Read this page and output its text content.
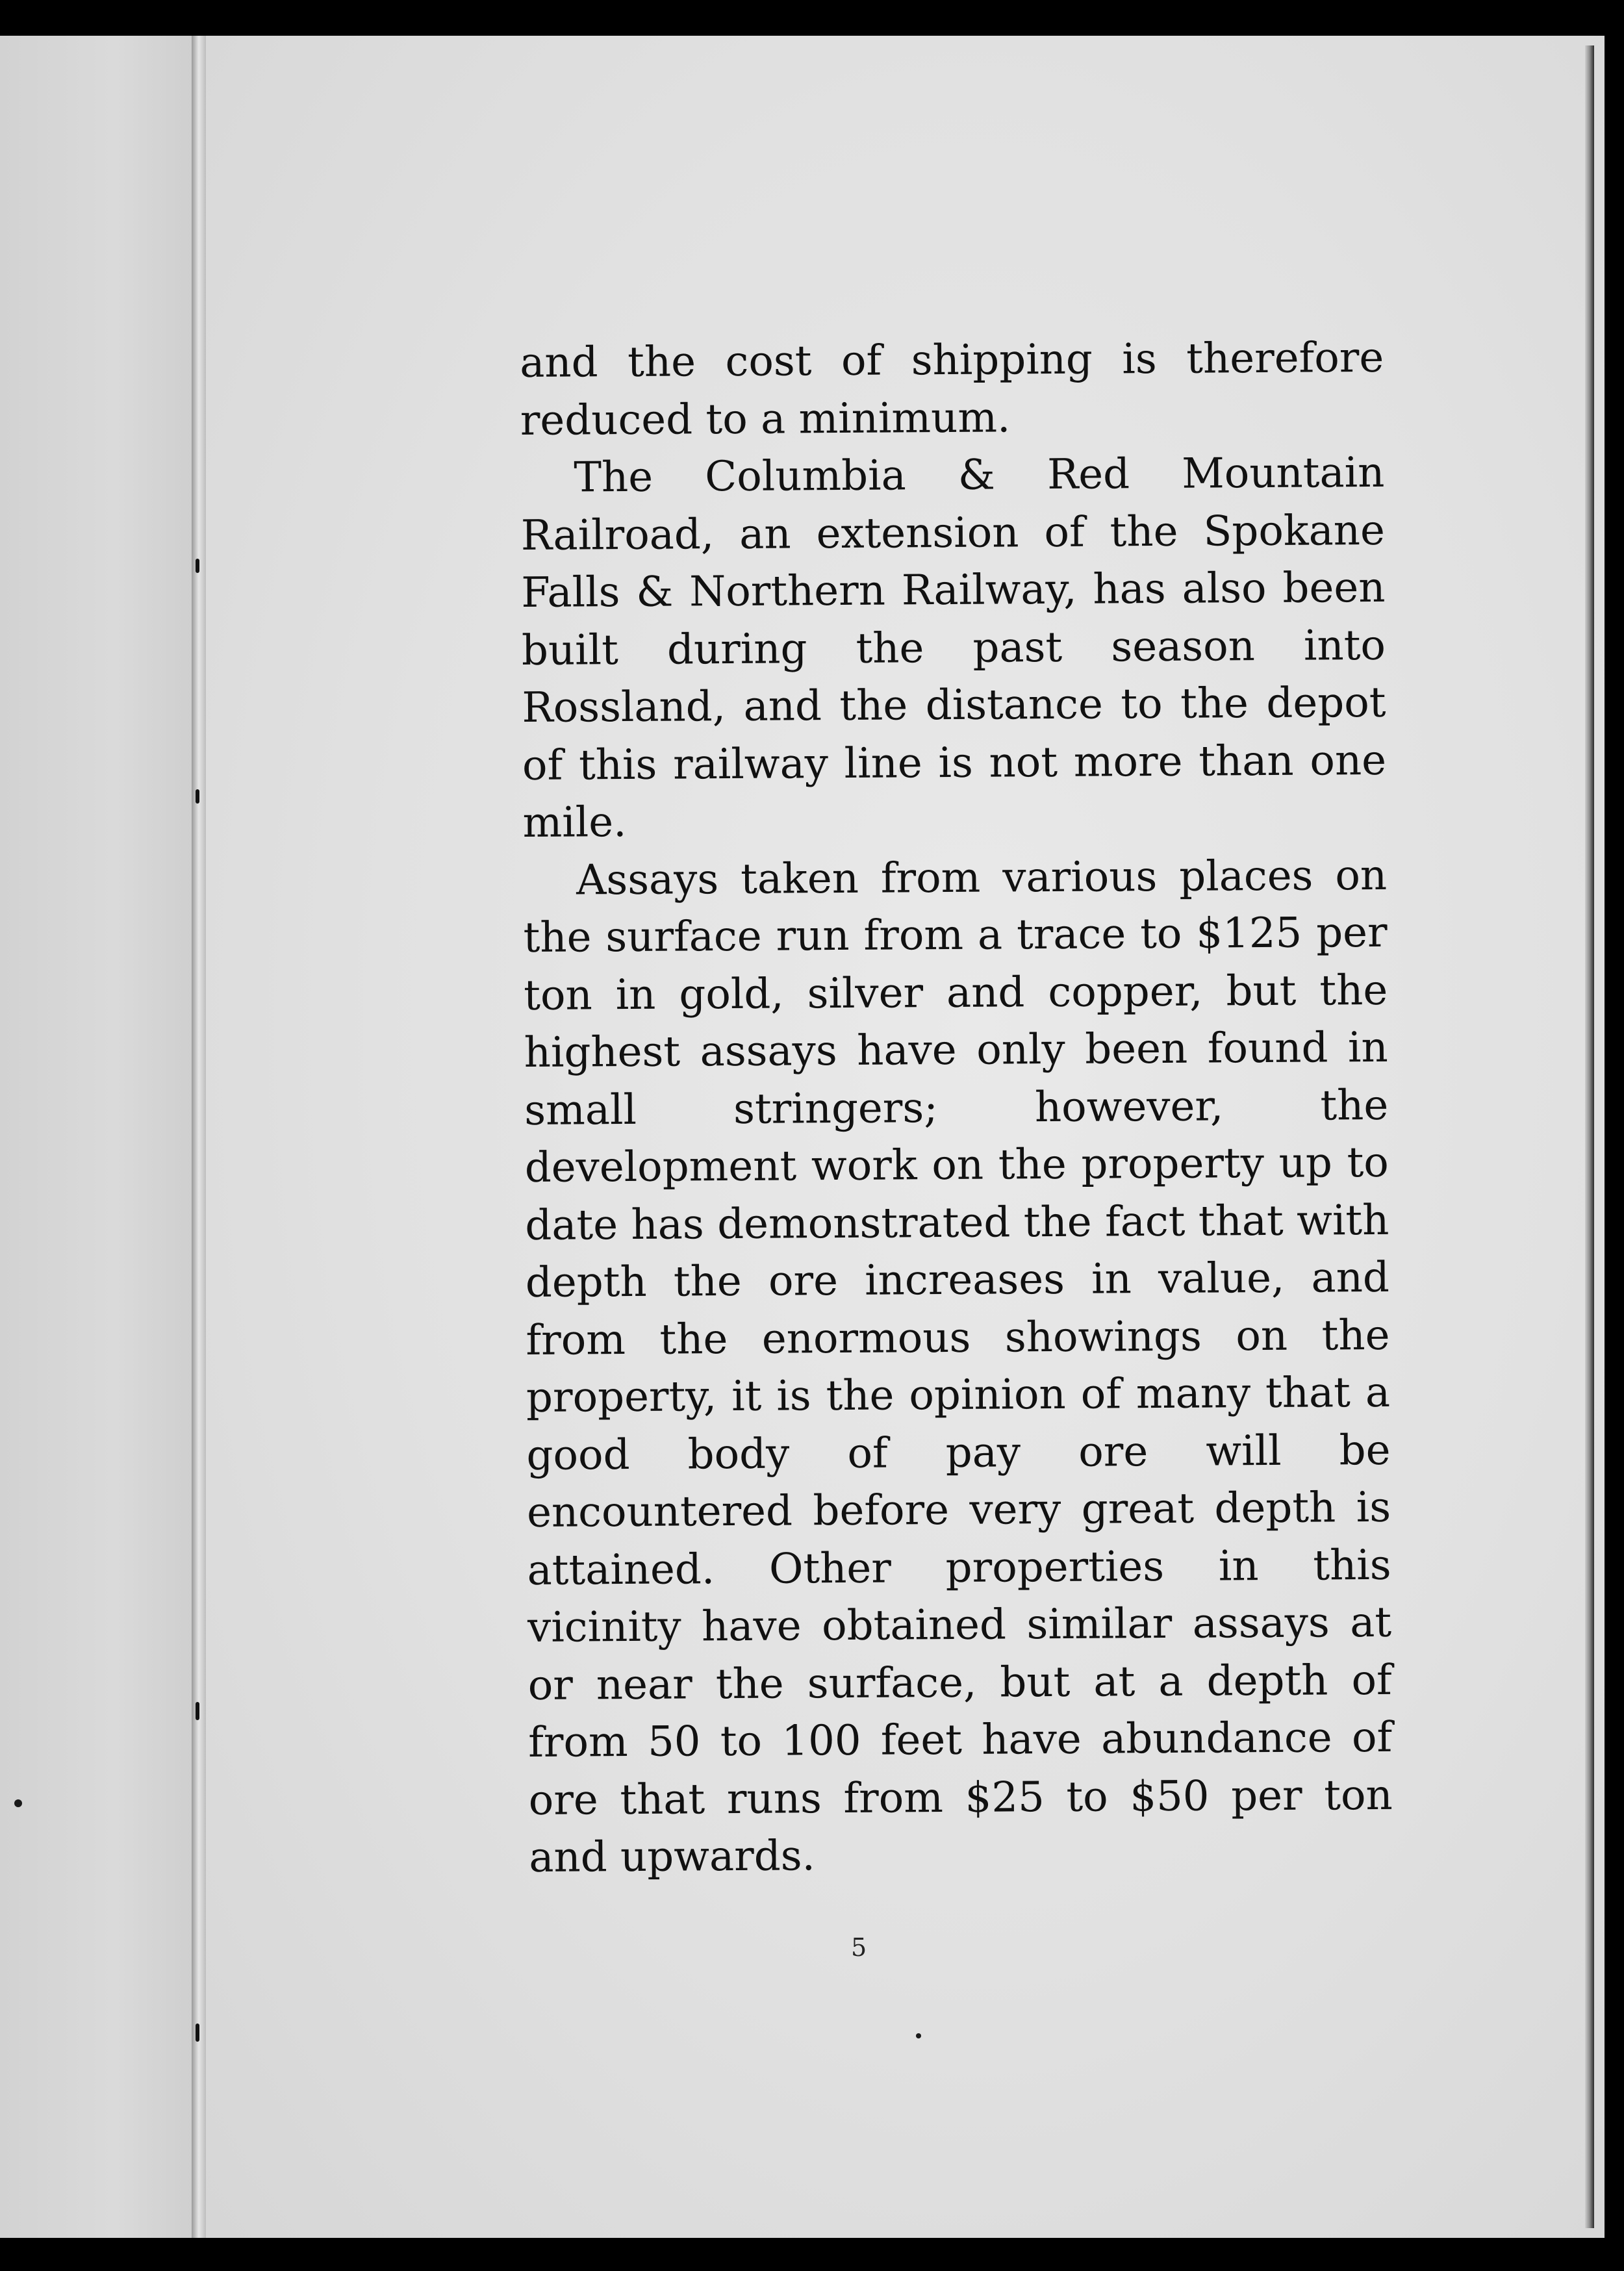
and the cost of shipping is therefore reduced to a minimum.

The Columbia & Red Mountain Railroad, an extension of the Spokane Falls & Northern Railway, has also been built during the past season into Rossland, and the distance to the depot of this railway line is not more than one mile.

Assays taken from various places on the surface run from a trace to $125 per ton in gold, silver and copper, but the highest assays have only been found in small stringers; however, the development work on the property up to date has demonstrated the fact that with depth the ore increases in value, and from the enormous showings on the property, it is the opinion of many that a good body of pay ore will be encountered before very great depth is attained. Other properties in this vicinity have obtained similar assays at or near the surface, but at a depth of from 50 to 100 feet have abundance of ore that runs from $25 to $50 per ton and upwards.

5
